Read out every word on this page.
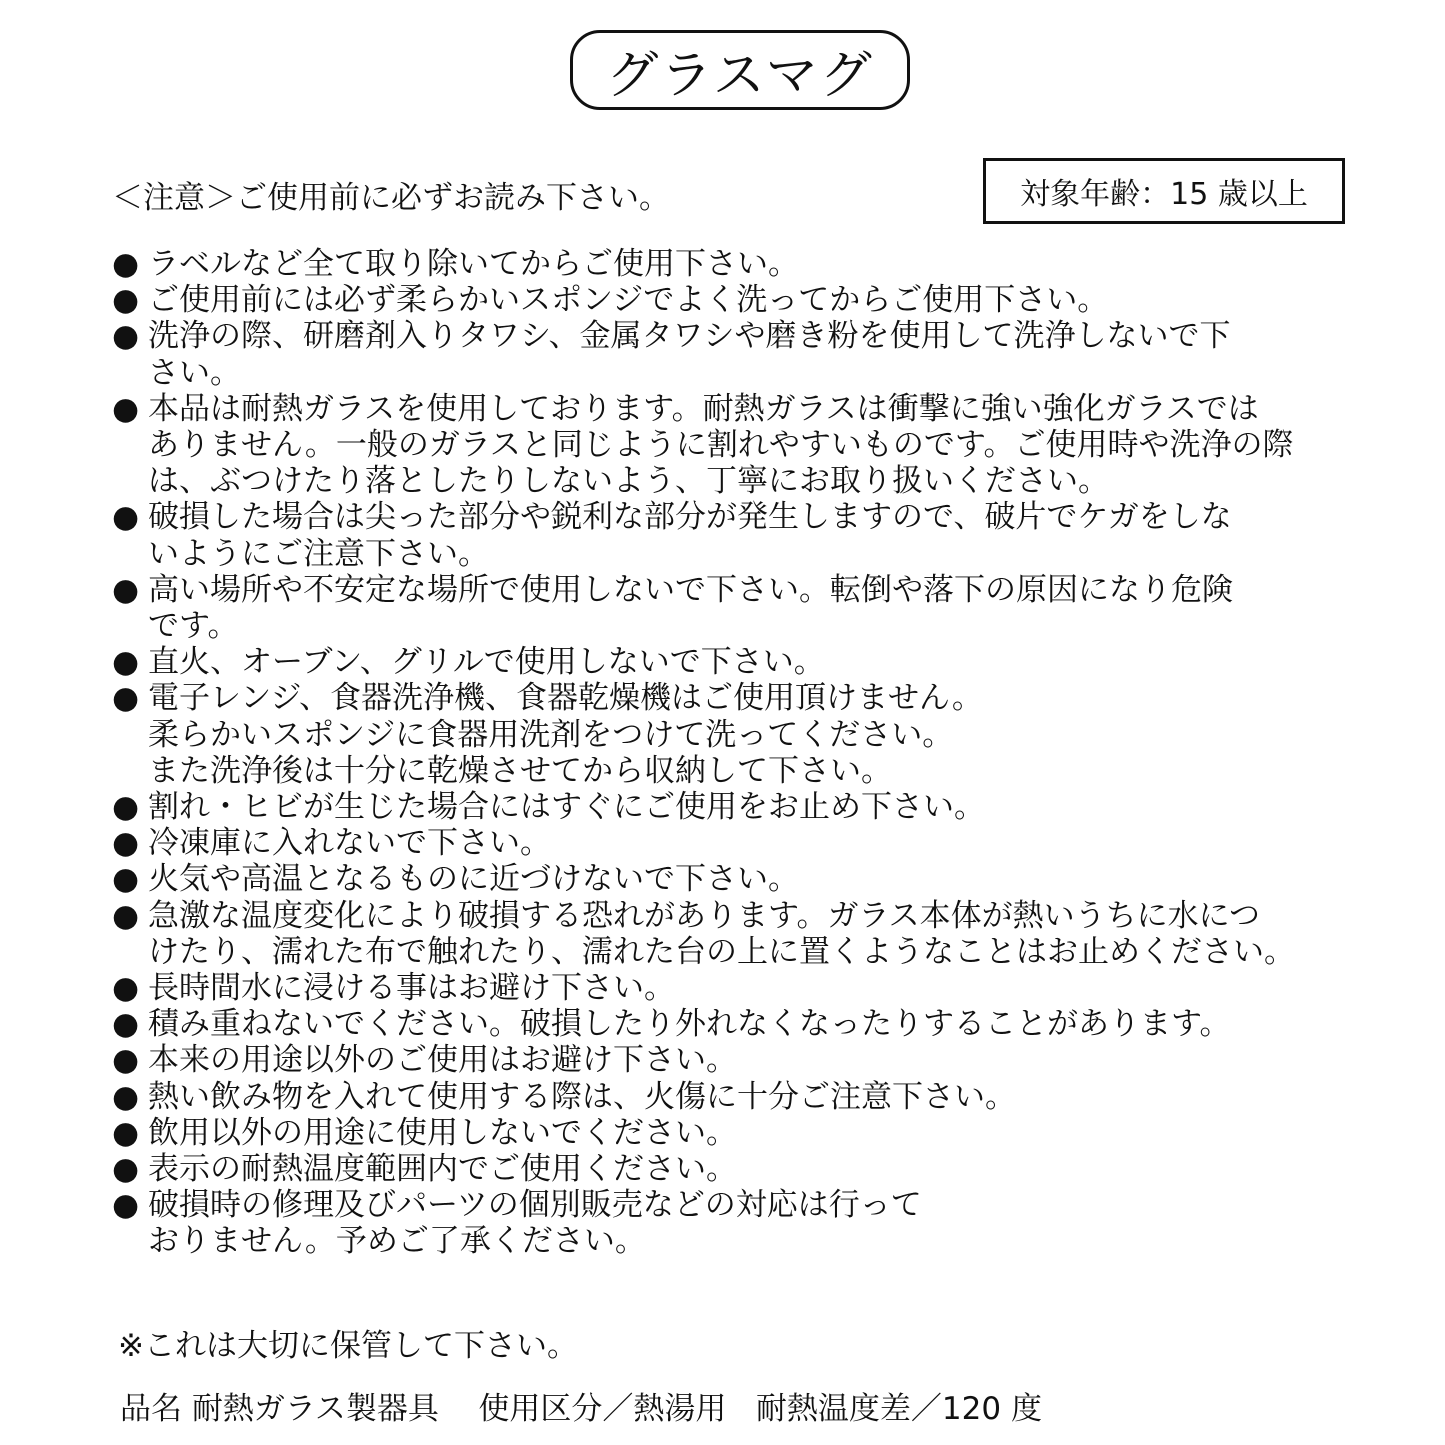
グラスマグ
＜注意＞ご使用前に必ずお読み下さい。	対象年齢：15 歳以上
● ラベルなど全て取り除いてからご使用下さい。
● ご使用前には必ず柔らかいスポンジでよく洗ってからご使用下さい。
● 洗浄の際、研磨剤入りタワシ、金属タワシや磨き粉を使用して洗浄しないで下
さい。
● 本品は耐熱ガラスを使用しております。耐熱ガラスは衝撃に強い強化ガラスでは
ありません。一般のガラスと同じように割れやすいものです。ご使用時や洗浄の際
は、ぶつけたり落としたりしないよう、丁寧にお取り扱いください。
● 破損した場合は尖った部分や鋭利な部分が発生しますので、破片でケガをしな
いようにご注意下さい。
● 高い場所や不安定な場所で使用しないで下さい。転倒や落下の原因になり危険
です。
● 直火、オーブン、グリルで使用しないで下さい。
● 電子レンジ、食器洗浄機、食器乾燥機はご使用頂けません。
柔らかいスポンジに食器用洗剤をつけて洗ってください。
また洗浄後は十分に乾燥させてから収納して下さい。
● 割れ・ヒビが生じた場合にはすぐにご使用をお止め下さい。
● 冷凍庫に入れないで下さい。
● 火気や高温となるものに近づけないで下さい。
● 急激な温度変化により破損する恐れがあります。ガラス本体が熱いうちに水につ
けたり、濡れた布で触れたり、濡れた台の上に置くようなことはお止めください。
● 長時間水に浸ける事はお避け下さい。
● 積み重ねないでください。破損したり外れなくなったりすることがあります。
● 本来の用途以外のご使用はお避け下さい。
● 熱い飲み物を入れて使用する際は、火傷に十分ご注意下さい。
● 飲用以外の用途に使用しないでください。
● 表示の耐熱温度範囲内でご使用ください。
● 破損時の修理及びパーツの個別販売などの対応は行って
おりません。予めご了承ください。
※これは大切に保管して下さい。
品名 耐熱ガラス製器具
使用区分／熱湯用
耐熱温度差／120 度
